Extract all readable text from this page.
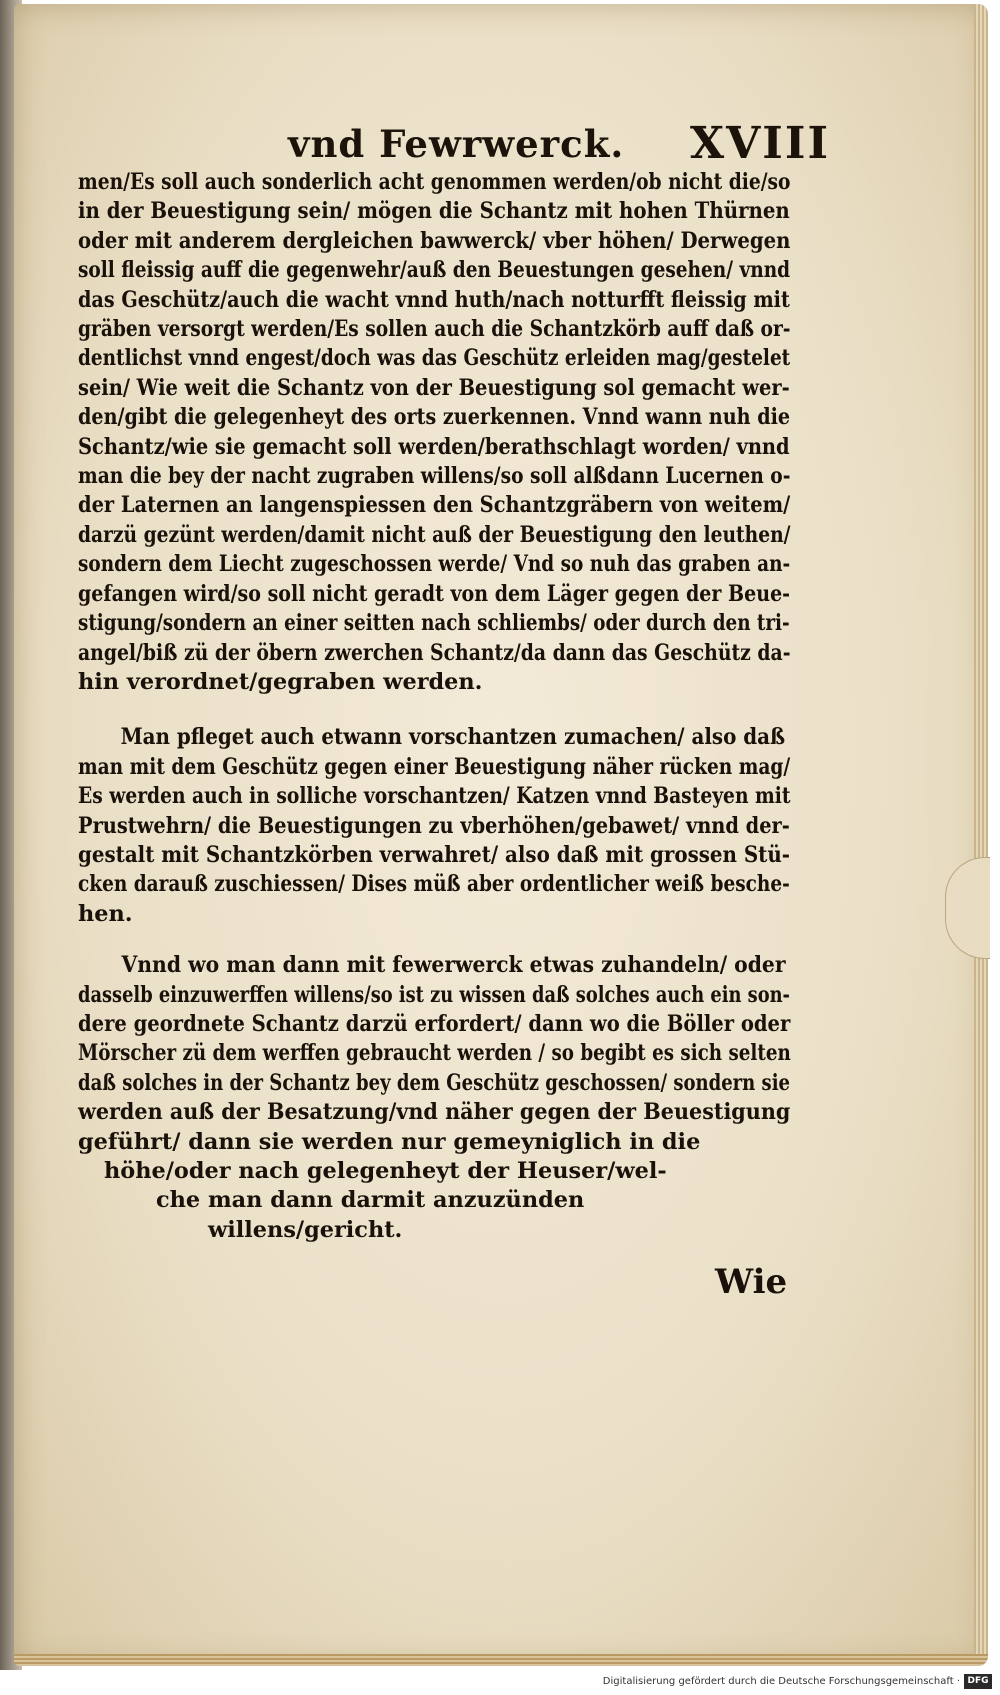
vnd Fewrwerck. XVIII
men/Es soll auch sonderlich acht genommen werden/ob nicht die/so
in der Beuestigung sein/ mögen die Schantz mit hohen Thürnen
oder mit anderem dergleichen bawwerck/ vber höhen/ Derwegen
soll fleissig auff die gegenwehr/auß den Beuestungen gesehen/ vnnd
das Geschütz/auch die wacht vnnd huth/nach notturfft fleissig mit
gräben versorgt werden/Es sollen auch die Schantzkörb auff daß or-
dentlichst vnnd engest/doch was das Geschütz erleiden mag/gestelet
sein/ Wie weit die Schantz von der Beuestigung sol gemacht wer-
den/gibt die gelegenheyt des orts zuerkennen. Vnnd wann nuh die
Schantz/wie sie gemacht soll werden/berathschlagt worden/ vnnd
man die bey der nacht zugraben willens/so soll alßdann Lucernen o-
der Laternen an langenspiessen den Schantzgräbern von weitem/
darzü gezünt werden/damit nicht auß der Beuestigung den leuthen/
sondern dem Liecht zugeschossen werde/ Vnd so nuh das graben an-
gefangen wird/so soll nicht geradt von dem Läger gegen der Beue-
stigung/sondern an einer seitten nach schliembs/ oder durch den tri-
angel/biß zü der öbern zwerchen Schantz/da dann das Geschütz da-
hin verordnet/gegraben werden.
Man pfleget auch etwann vorschantzen zumachen/ also daß
man mit dem Geschütz gegen einer Beuestigung näher rücken mag/
Es werden auch in solliche vorschantzen/ Katzen vnnd Basteyen mit
Prustwehrn/ die Beuestigungen zu vberhöhen/gebawet/ vnnd der-
gestalt mit Schantzkörben verwahret/ also daß mit grossen Stü-
cken darauß zuschiessen/ Dises müß aber ordentlicher weiß besche-
hen.
Vnnd wo man dann mit fewerwerck etwas zuhandeln/ oder
dasselb einzuwerffen willens/so ist zu wissen daß solches auch ein son-
dere geordnete Schantz darzü erfordert/ dann wo die Böller oder
Mörscher zü dem werffen gebraucht werden / so begibt es sich selten
daß solches in der Schantz bey dem Geschütz geschossen/ sondern sie
werden auß der Besatzung/vnd näher gegen der Beuestigung
geführt/ dann sie werden nur gemeyniglich in die
höhe/oder nach gelegenheyt der Heuser/wel-
che man dann darmit anzuzünden
willens/gericht.
Wie
Digitalisierung gefördert durch die Deutsche Forschungsgemeinschaft · DFG
